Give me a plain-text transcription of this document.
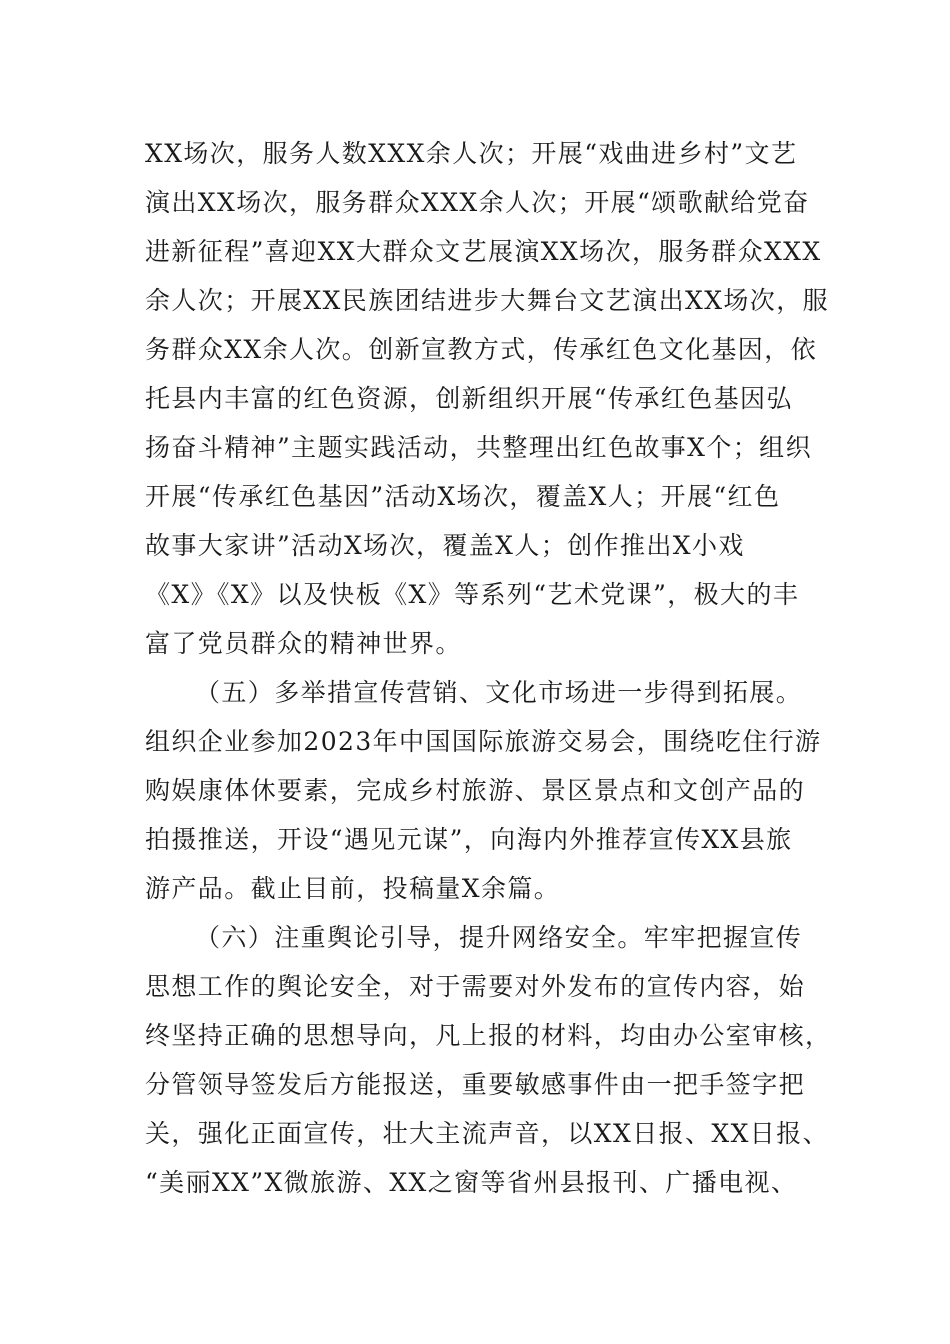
XX场次，服务人数XXX余人次；开展“戏曲进乡村”文艺
演出XX场次，服务群众XXX余人次；开展“颂歌献给党奋
进新征程”喜迎XX大群众文艺展演XX场次，服务群众XXX
余人次；开展XX民族团结进步大舞台文艺演出XX场次，服
务群众XX余人次。创新宣教方式，传承红色文化基因，依
托县内丰富的红色资源，创新组织开展“传承红色基因弘
扬奋斗精神”主题实践活动，共整理出红色故事X个；组织
开展“传承红色基因”活动X场次，覆盖X人；开展“红色
故事大家讲”活动X场次，覆盖X人；创作推出X小戏
《X》《X》以及快板《X》等系列“艺术党课”，极大的丰
富了党员群众的精神世界。
（五）多举措宣传营销、文化市场进一步得到拓展。
组织企业参加2023年中国国际旅游交易会，围绕吃住行游
购娱康体休要素，完成乡村旅游、景区景点和文创产品的
拍摄推送，开设“遇见元谋”，向海内外推荐宣传XX县旅
游产品。截止目前，投稿量X余篇。
（六）注重舆论引导，提升网络安全。牢牢把握宣传
思想工作的舆论安全，对于需要对外发布的宣传内容，始
终坚持正确的思想导向，凡上报的材料，均由办公室审核，
分管领导签发后方能报送，重要敏感事件由一把手签字把
关，强化正面宣传，壮大主流声音，以XX日报、XX日报、
“美丽XX”X微旅游、XX之窗等省州县报刊、广播电视、
